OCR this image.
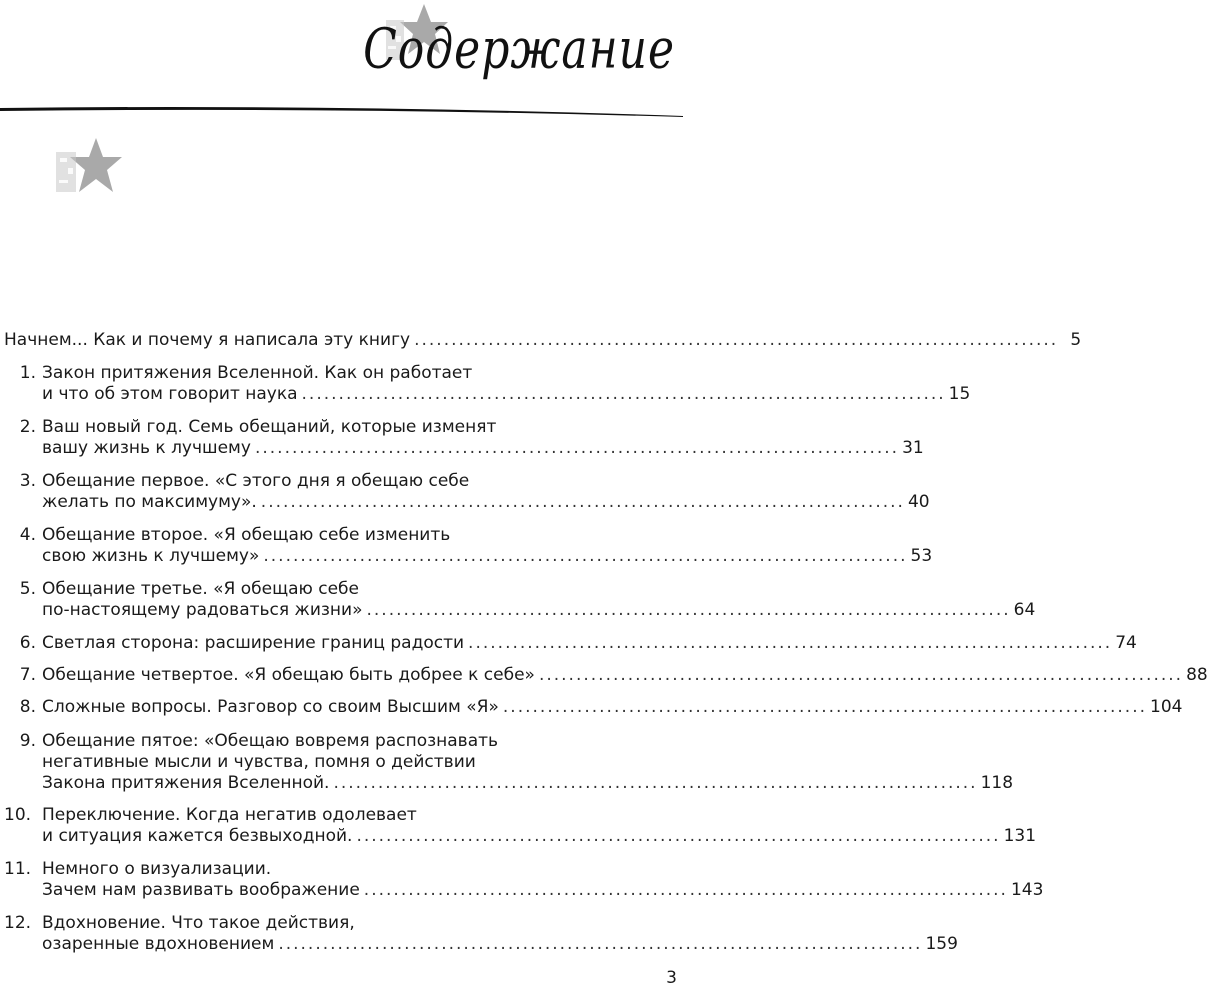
Содержание
Начнем... Как и почему я написала эту книгу ....................................................................................... 5
1. Закон притяжения Вселенной. Как он работает
и что об этом говорит наука ....................................................................................... 15
2. Ваш новый год. Семь обещаний, которые изменят
вашу жизнь к лучшему ....................................................................................... 31
3. Обещание первое. «С этого дня я обещаю себе
желать по максимуму». ....................................................................................... 40
4. Обещание второе. «Я обещаю себе изменить
свою жизнь к лучшему» ....................................................................................... 53
5. Обещание третье. «Я обещаю себе
по-настоящему радоваться жизни» ....................................................................................... 64
6. Светлая сторона: расширение границ радости ....................................................................................... 74
7. Обещание четвертое. «Я обещаю быть добрее к себе» ....................................................................................... 88
8. Сложные вопросы. Разговор со своим Высшим «Я» ....................................................................................... 104
9. Обещание пятое: «Обещаю вовремя распознавать
негативные мысли и чувства, помня о действии
Закона притяжения Вселенной. ....................................................................................... 118
10. Переключение. Когда негатив одолевает
и ситуация кажется безвыходной. ....................................................................................... 131
11. Немного о визуализации.
Зачем нам развивать воображение ....................................................................................... 143
12. Вдохновение. Что такое действия,
озаренные вдохновением ....................................................................................... 159
3
